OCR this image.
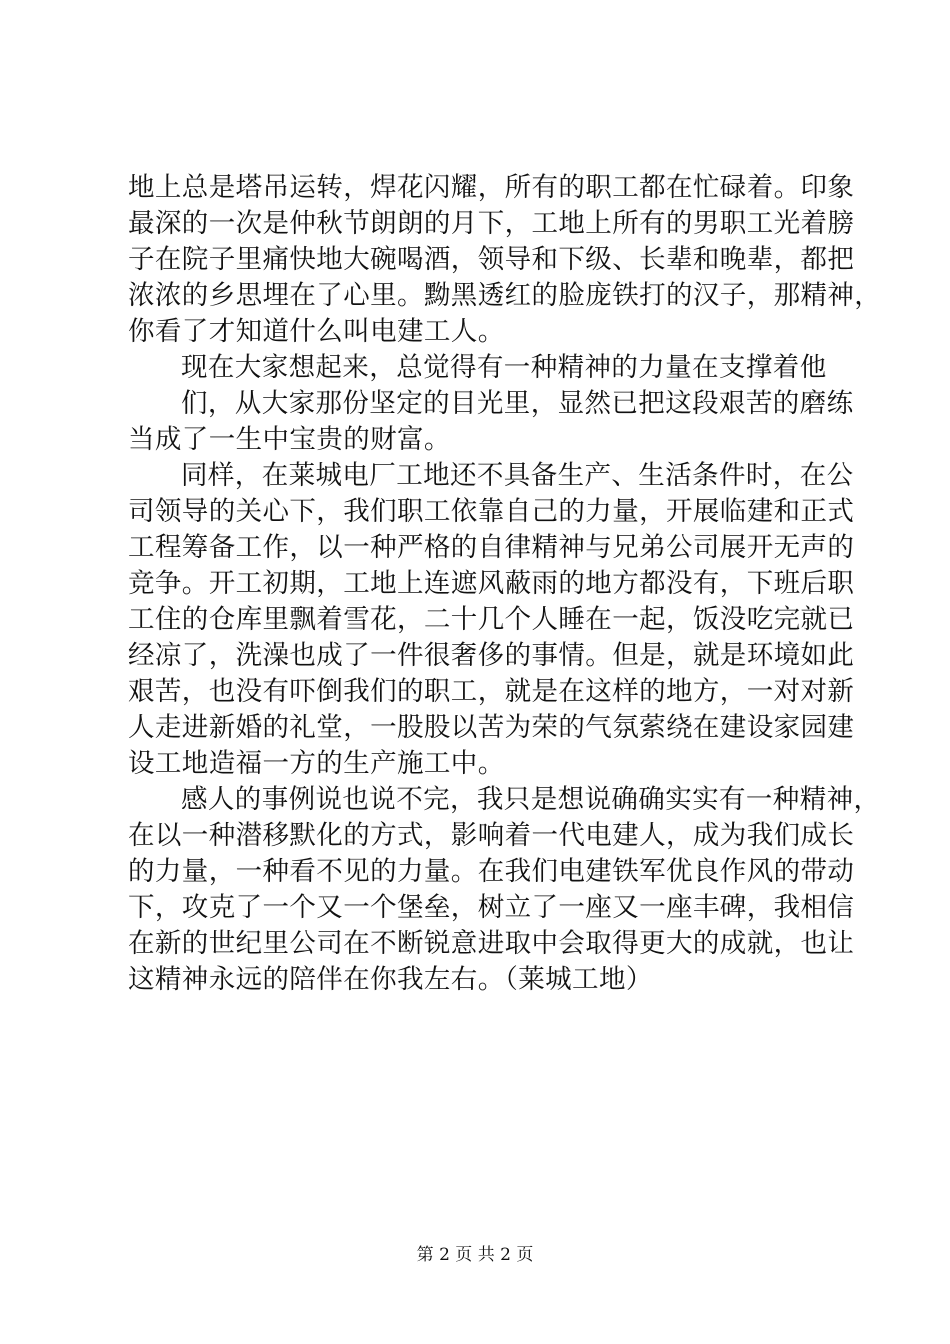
地上总是塔吊运转，焊花闪耀，所有的职工都在忙碌着。印象
最深的一次是仲秋节朗朗的月下，工地上所有的男职工光着膀
子在院子里痛快地大碗喝酒，领导和下级、长辈和晚辈，都把
浓浓的乡思埋在了心里。黝黑透红的脸庞铁打的汉子，那精神，
你看了才知道什么叫电建工人。
现在大家想起来，总觉得有一种精神的力量在支撑着他
们，从大家那份坚定的目光里，显然已把这段艰苦的磨练
当成了一生中宝贵的财富。
同样，在莱城电厂工地还不具备生产、生活条件时，在公
司领导的关心下，我们职工依靠自己的力量，开展临建和正式
工程筹备工作，以一种严格的自律精神与兄弟公司展开无声的
竞争。开工初期，工地上连遮风蔽雨的地方都没有，下班后职
工住的仓库里飘着雪花，二十几个人睡在一起，饭没吃完就已
经凉了，洗澡也成了一件很奢侈的事情。但是，就是环境如此
艰苦，也没有吓倒我们的职工，就是在这样的地方，一对对新
人走进新婚的礼堂，一股股以苦为荣的气氛萦绕在建设家园建
设工地造福一方的生产施工中。
感人的事例说也说不完，我只是想说确确实实有一种精神，
在以一种潜移默化的方式，影响着一代电建人，成为我们成长
的力量，一种看不见的力量。在我们电建铁军优良作风的带动
下，攻克了一个又一个堡垒，树立了一座又一座丰碑，我相信
在新的世纪里公司在不断锐意进取中会取得更大的成就，也让
这精神永远的陪伴在你我左右。（莱城工地）
第 2 页 共 2 页
